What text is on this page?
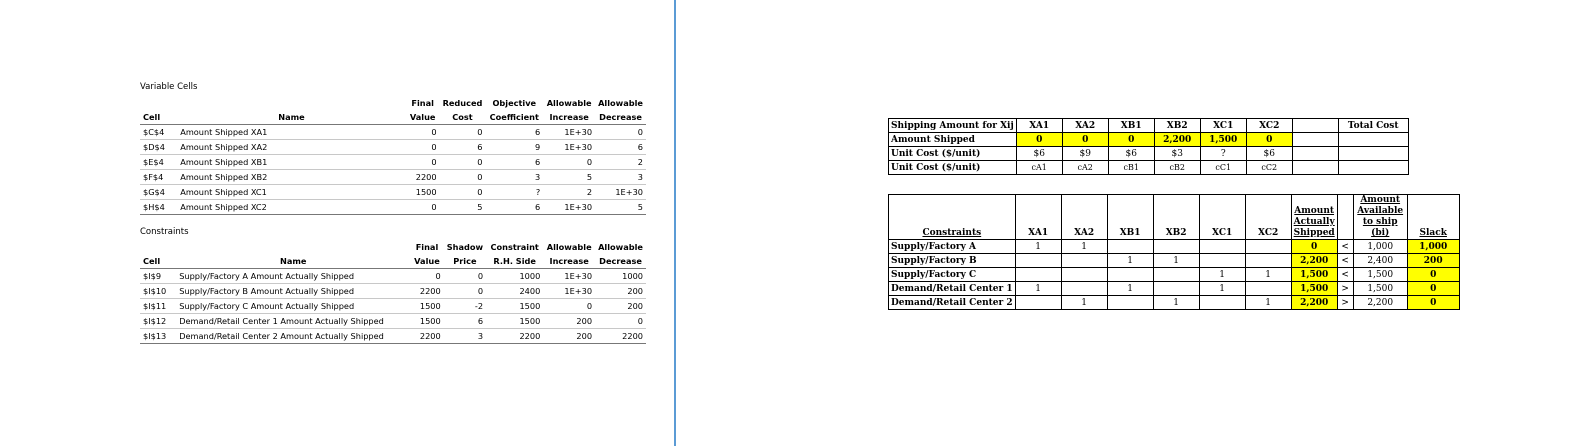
Variable Cells
		Final	Reduced	Objective	Allowable	Allowable
Cell	Name	Value	Cost	Coefficient	Increase	Decrease
$C$4	Amount Shipped XA1	0	0	6	1E+30	0
$D$4	Amount Shipped XA2	0	6	9	1E+30	6
$E$4	Amount Shipped XB1	0	0	6	0	2
$F$4	Amount Shipped XB2	2200	0	3	5	3
$G$4	Amount Shipped XC1	1500	0	?	2	1E+30
$H$4	Amount Shipped XC2	0	5	6	1E+30	5
Constraints
		Final	Shadow	Constraint	Allowable	Allowable
Cell	Name	Value	Price	R.H. Side	Increase	Decrease
$I$9	Supply/Factory A Amount Actually Shipped	0	0	1000	1E+30	1000
$I$10	Supply/Factory B Amount Actually Shipped	2200	0	2400	1E+30	200
$I$11	Supply/Factory C Amount Actually Shipped	1500	-2	1500	0	200
$I$12	Demand/Retail Center 1 Amount Actually Shipped	1500	6	1500	200	0
$I$13	Demand/Retail Center 2 Amount Actually Shipped	2200	3	2200	200	2200
Shipping Amount for Xij	XA1	XA2	XB1	XB2	XC1	XC2		Total Cost
Amount Shipped	0	0	0	2,200	1,500	0		
Unit Cost ($/unit)	$6	$9	$6	$3	?	$6		
Unit Cost ($/unit)	cA1	cA2	cB1	cB2	cC1	cC2		
Constraints	XA1	XA2	XB1	XB2	XC1	XC2	Amount Actually Shipped		Amount Available to ship (bi)	Slack
Supply/Factory A	1	1					0	<	1,000	1,000
Supply/Factory B			1	1			2,200	<	2,400	200
Supply/Factory C					1	1	1,500	<	1,500	0
Demand/Retail Center 1	1		1		1		1,500	>	1,500	0
Demand/Retail Center 2		1		1		1	2,200	>	2,200	0
